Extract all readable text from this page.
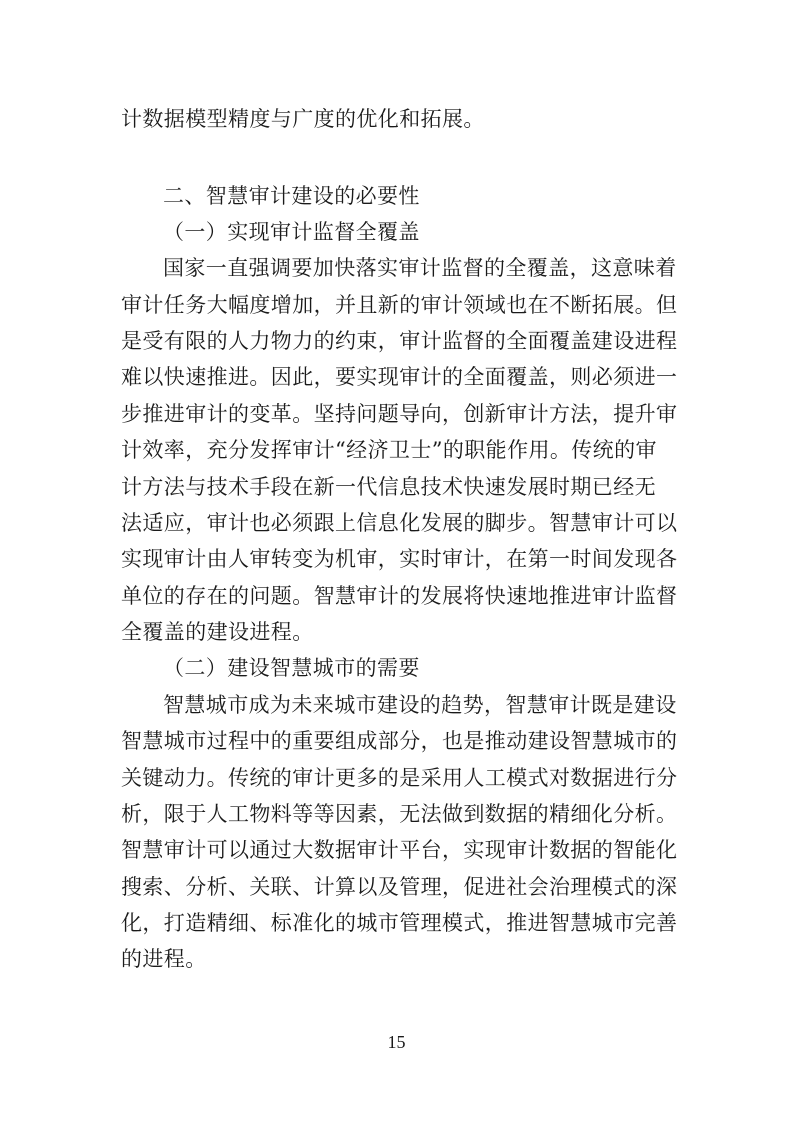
计数据模型精度与广度的优化和拓展。
二、智慧审计建设的必要性
（一）实现审计监督全覆盖
国家一直强调要加快落实审计监督的全覆盖，这意味着
审计任务大幅度增加，并且新的审计领域也在不断拓展。但
是受有限的人力物力的约束，审计监督的全面覆盖建设进程
难以快速推进。因此，要实现审计的全面覆盖，则必须进一
步推进审计的变革。坚持问题导向，创新审计方法，提升审
计效率，充分发挥审计“经济卫士”的职能作用。传统的审
计方法与技术手段在新一代信息技术快速发展时期已经无
法适应，审计也必须跟上信息化发展的脚步。智慧审计可以
实现审计由人审转变为机审，实时审计，在第一时间发现各
单位的存在的问题。智慧审计的发展将快速地推进审计监督
全覆盖的建设进程。
（二）建设智慧城市的需要
智慧城市成为未来城市建设的趋势，智慧审计既是建设
智慧城市过程中的重要组成部分，也是推动建设智慧城市的
关键动力。传统的审计更多的是采用人工模式对数据进行分
析，限于人工物料等等因素，无法做到数据的精细化分析。
智慧审计可以通过大数据审计平台，实现审计数据的智能化
搜索、分析、关联、计算以及管理，促进社会治理模式的深
化，打造精细、标准化的城市管理模式，推进智慧城市完善
的进程。
15
